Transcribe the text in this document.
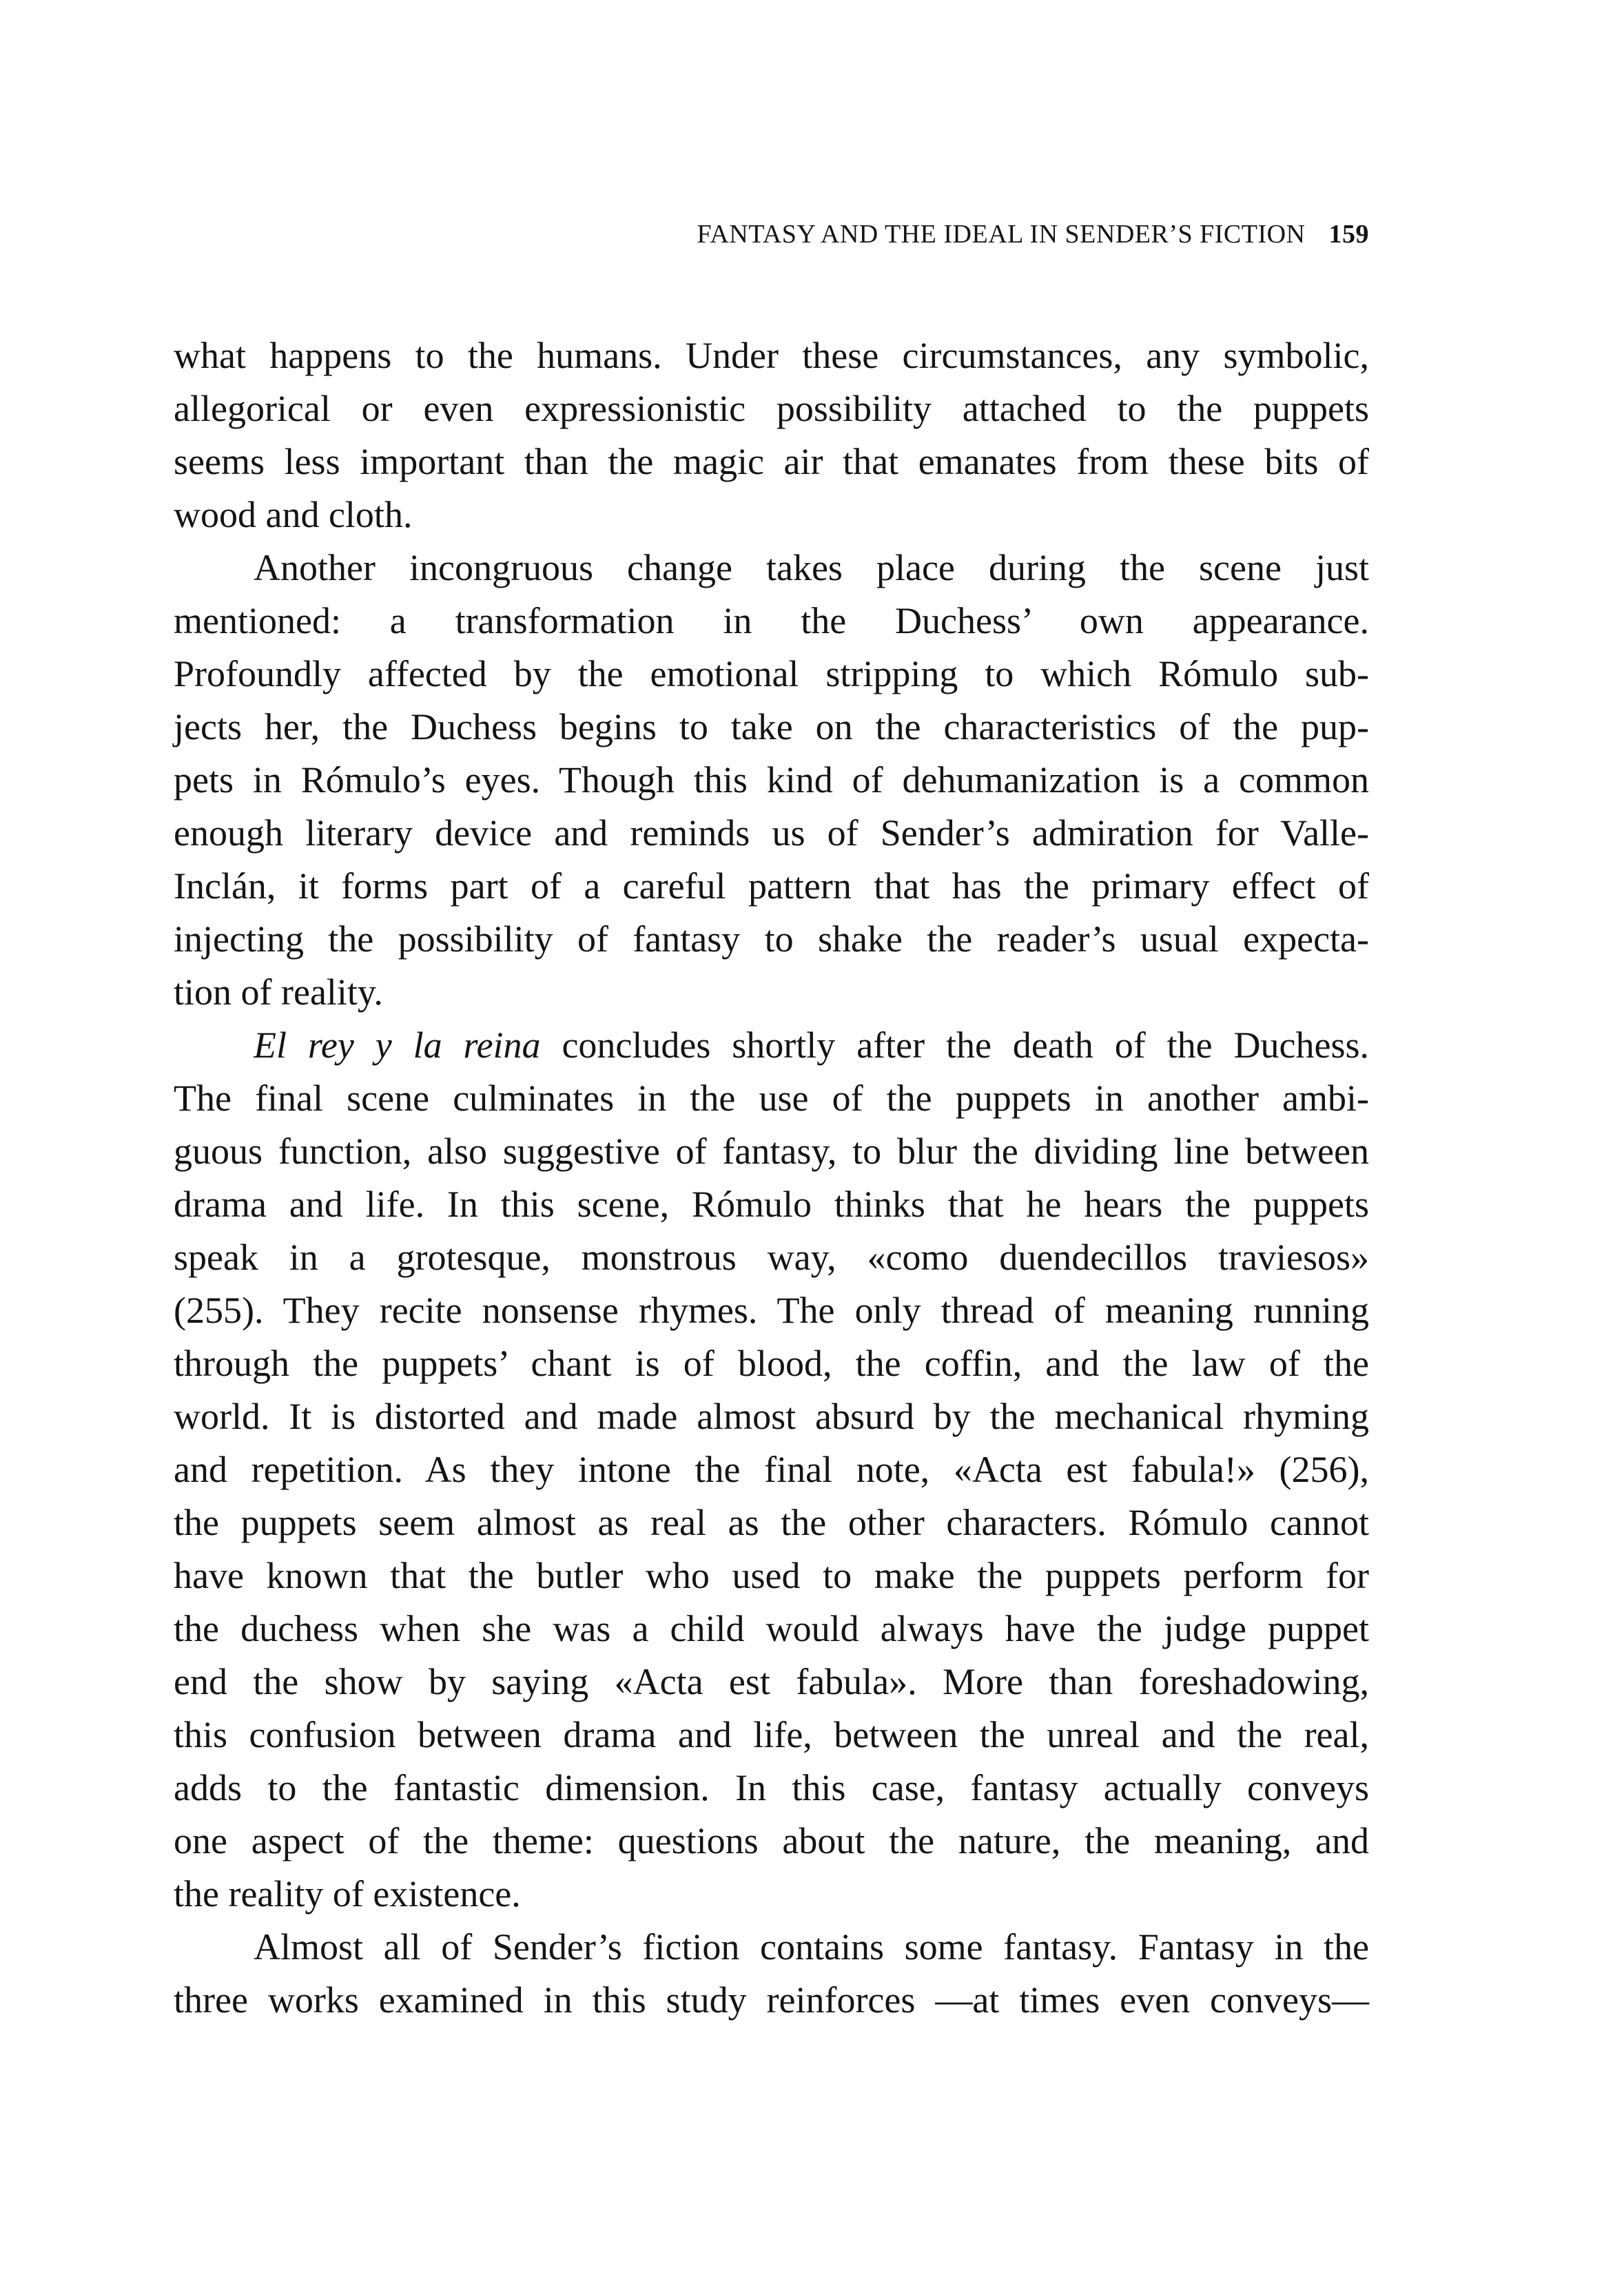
FANTASY AND THE IDEAL IN SENDER’S FICTION 159
what happens to the humans. Under these circumstances, any symbolic,
allegorical or even expressionistic possibility attached to the puppets
seems less important than the magic air that emanates from these bits of
wood and cloth.
Another incongruous change takes place during the scene just
mentioned: a transformation in the Duchess’ own appearance.
Profoundly affected by the emotional stripping to which Rómulo sub-
jects her, the Duchess begins to take on the characteristics of the pup-
pets in Rómulo’s eyes. Though this kind of dehumanization is a common
enough literary device and reminds us of Sender’s admiration for Valle-
Inclán, it forms part of a careful pattern that has the primary effect of
injecting the possibility of fantasy to shake the reader’s usual expecta-
tion of reality.
El rey y la reina concludes shortly after the death of the Duchess.
The final scene culminates in the use of the puppets in another ambi-
guous function, also suggestive of fantasy, to blur the dividing line between
drama and life. In this scene, Rómulo thinks that he hears the puppets
speak in a grotesque, monstrous way, «como duendecillos traviesos»
(255). They recite nonsense rhymes. The only thread of meaning running
through the puppets’ chant is of blood, the coffin, and the law of the
world. It is distorted and made almost absurd by the mechanical rhyming
and repetition. As they intone the final note, «Acta est fabula!» (256),
the puppets seem almost as real as the other characters. Rómulo cannot
have known that the butler who used to make the puppets perform for
the duchess when she was a child would always have the judge puppet
end the show by saying «Acta est fabula». More than foreshadowing,
this confusion between drama and life, between the unreal and the real,
adds to the fantastic dimension. In this case, fantasy actually conveys
one aspect of the theme: questions about the nature, the meaning, and
the reality of existence.
Almost all of Sender’s fiction contains some fantasy. Fantasy in the
three works examined in this study reinforces —at times even conveys—
